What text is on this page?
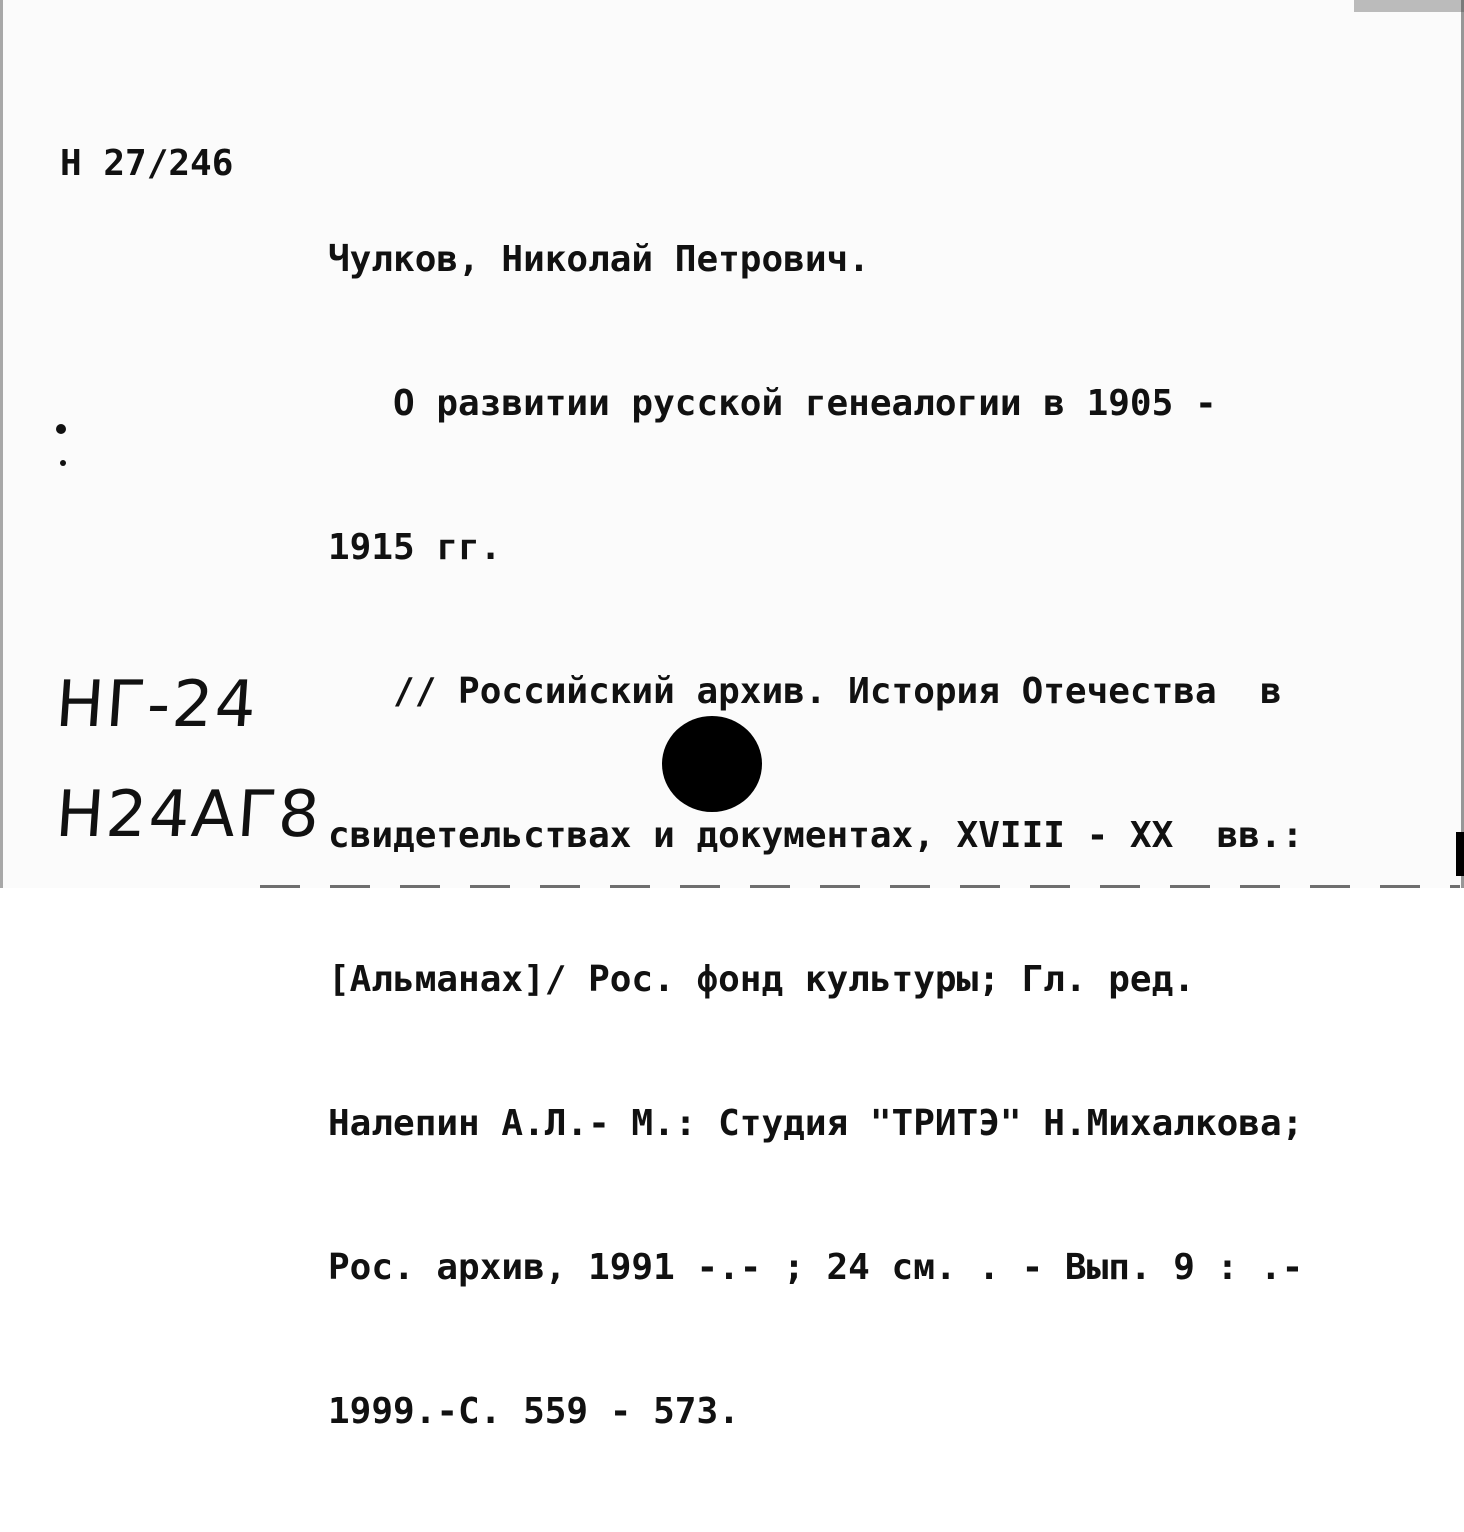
Н 27/246

Чулков, Николай Петрович.

О развитии русской генеалогии в 1905 -

1915 гг.

// Российский архив. История Отечества  в

свидетельствах и документах, XVIII - XX  вв.:

[Альманах]/ Рос. фонд культуры; Гл. ред.

Налепин А.Л.- М.: Студия "ТРИТЭ" Н.Михалкова;

Рос. архив, 1991 -.- ; 24 см. . - Вып. 9 : .-

1999.-С. 559 - 573.

НГ-24
Н24АГ8
